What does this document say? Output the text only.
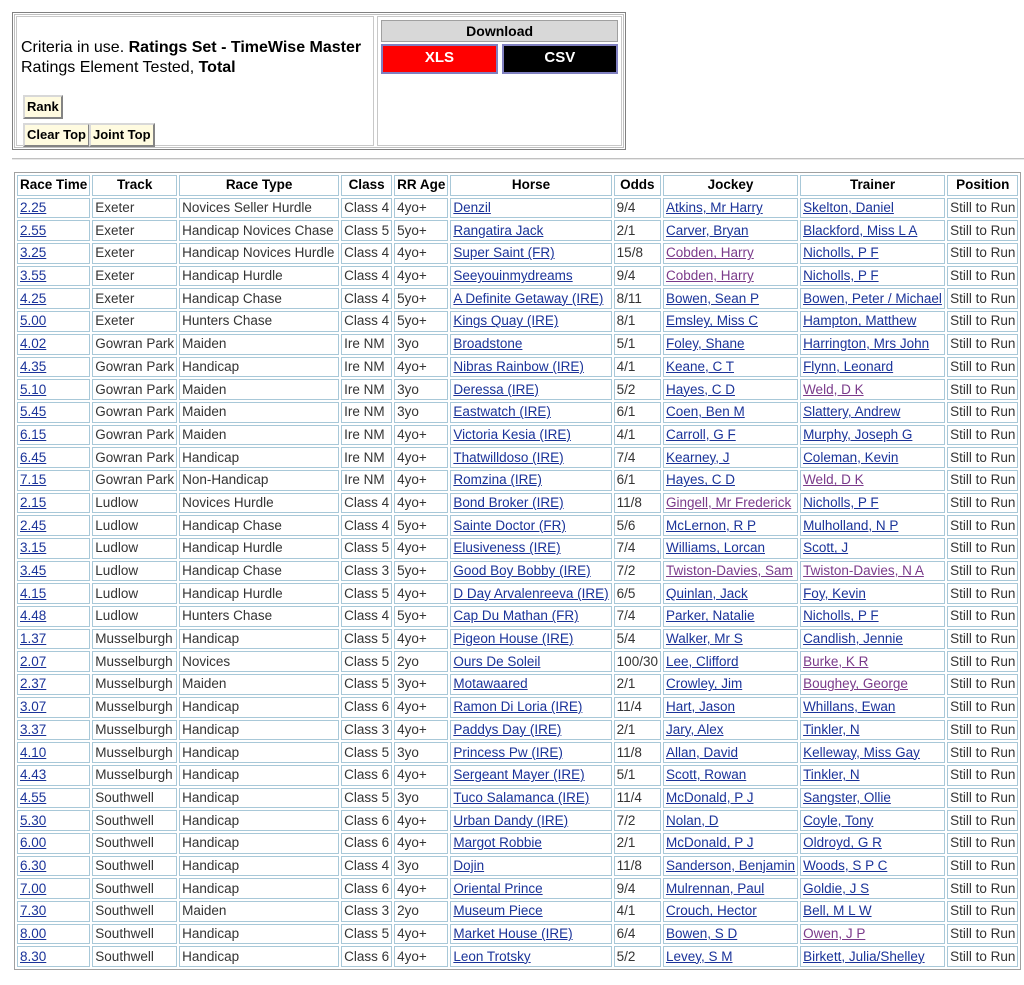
Criteria in use. Ratings Set - TimeWise Master
Ratings Element Tested, Total
Rank
Clear Top Joint Top
Download
XLS	CSV
Race Time	Track	Race Type	Class	RR Age	Horse	Odds	Jockey	Trainer	Position
2.25	Exeter	Novices Seller Hurdle	Class 4	4yo+	Denzil	9/4	Atkins, Mr Harry	Skelton, Daniel	Still to Run
2.55	Exeter	Handicap Novices Chase	Class 5	5yo+	Rangatira Jack	2/1	Carver, Bryan	Blackford, Miss L A	Still to Run
3.25	Exeter	Handicap Novices Hurdle	Class 4	4yo+	Super Saint (FR)	15/8	Cobden, Harry	Nicholls, P F	Still to Run
3.55	Exeter	Handicap Hurdle	Class 4	4yo+	Seeyouinmydreams	9/4	Cobden, Harry	Nicholls, P F	Still to Run
4.25	Exeter	Handicap Chase	Class 4	5yo+	A Definite Getaway (IRE)	8/11	Bowen, Sean P	Bowen, Peter / Michael	Still to Run
5.00	Exeter	Hunters Chase	Class 4	5yo+	Kings Quay (IRE)	8/1	Emsley, Miss C	Hampton, Matthew	Still to Run
4.02	Gowran Park	Maiden	Ire NM	3yo	Broadstone	5/1	Foley, Shane	Harrington, Mrs John	Still to Run
4.35	Gowran Park	Handicap	Ire NM	4yo+	Nibras Rainbow (IRE)	4/1	Keane, C T	Flynn, Leonard	Still to Run
5.10	Gowran Park	Maiden	Ire NM	3yo	Deressa (IRE)	5/2	Hayes, C D	Weld, D K	Still to Run
5.45	Gowran Park	Maiden	Ire NM	3yo	Eastwatch (IRE)	6/1	Coen, Ben M	Slattery, Andrew	Still to Run
6.15	Gowran Park	Maiden	Ire NM	4yo+	Victoria Kesia (IRE)	4/1	Carroll, G F	Murphy, Joseph G	Still to Run
6.45	Gowran Park	Handicap	Ire NM	4yo+	Thatwilldoso (IRE)	7/4	Kearney, J	Coleman, Kevin	Still to Run
7.15	Gowran Park	Non-Handicap	Ire NM	4yo+	Romzina (IRE)	6/1	Hayes, C D	Weld, D K	Still to Run
2.15	Ludlow	Novices Hurdle	Class 4	4yo+	Bond Broker (IRE)	11/8	Gingell, Mr Frederick	Nicholls, P F	Still to Run
2.45	Ludlow	Handicap Chase	Class 4	5yo+	Sainte Doctor (FR)	5/6	McLernon, R P	Mulholland, N P	Still to Run
3.15	Ludlow	Handicap Hurdle	Class 5	4yo+	Elusiveness (IRE)	7/4	Williams, Lorcan	Scott, J	Still to Run
3.45	Ludlow	Handicap Chase	Class 3	5yo+	Good Boy Bobby (IRE)	7/2	Twiston-Davies, Sam	Twiston-Davies, N A	Still to Run
4.15	Ludlow	Handicap Hurdle	Class 5	4yo+	D Day Arvalenreeva (IRE)	6/5	Quinlan, Jack	Foy, Kevin	Still to Run
4.48	Ludlow	Hunters Chase	Class 4	5yo+	Cap Du Mathan (FR)	7/4	Parker, Natalie	Nicholls, P F	Still to Run
1.37	Musselburgh	Handicap	Class 5	4yo+	Pigeon House (IRE)	5/4	Walker, Mr S	Candlish, Jennie	Still to Run
2.07	Musselburgh	Novices	Class 5	2yo	Ours De Soleil	100/30	Lee, Clifford	Burke, K R	Still to Run
2.37	Musselburgh	Maiden	Class 5	3yo+	Motawaared	2/1	Crowley, Jim	Boughey, George	Still to Run
3.07	Musselburgh	Handicap	Class 6	4yo+	Ramon Di Loria (IRE)	11/4	Hart, Jason	Whillans, Ewan	Still to Run
3.37	Musselburgh	Handicap	Class 3	4yo+	Paddys Day (IRE)	2/1	Jary, Alex	Tinkler, N	Still to Run
4.10	Musselburgh	Handicap	Class 5	3yo	Princess Pw (IRE)	11/8	Allan, David	Kelleway, Miss Gay	Still to Run
4.43	Musselburgh	Handicap	Class 6	4yo+	Sergeant Mayer (IRE)	5/1	Scott, Rowan	Tinkler, N	Still to Run
4.55	Southwell	Handicap	Class 5	3yo	Tuco Salamanca (IRE)	11/4	McDonald, P J	Sangster, Ollie	Still to Run
5.30	Southwell	Handicap	Class 6	4yo+	Urban Dandy (IRE)	7/2	Nolan, D	Coyle, Tony	Still to Run
6.00	Southwell	Handicap	Class 6	4yo+	Margot Robbie	2/1	McDonald, P J	Oldroyd, G R	Still to Run
6.30	Southwell	Handicap	Class 4	3yo	Dojin	11/8	Sanderson, Benjamin	Woods, S P C	Still to Run
7.00	Southwell	Handicap	Class 6	4yo+	Oriental Prince	9/4	Mulrennan, Paul	Goldie, J S	Still to Run
7.30	Southwell	Maiden	Class 3	2yo	Museum Piece	4/1	Crouch, Hector	Bell, M L W	Still to Run
8.00	Southwell	Handicap	Class 5	4yo+	Market House (IRE)	6/4	Bowen, S D	Owen, J P	Still to Run
8.30	Southwell	Handicap	Class 6	4yo+	Leon Trotsky	5/2	Levey, S M	Birkett, Julia/Shelley	Still to Run
